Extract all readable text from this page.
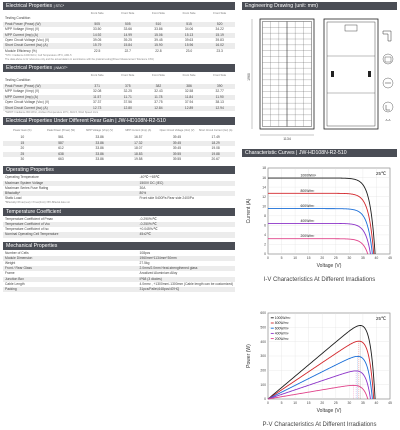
Electrical Properties | STC*
	Front Side	Front Side	Front Side	Front Side	Front Side
Testing Condition					
Peak Power (Pmax) (W)	505	505	510	515	520
MPP Voltage (Vmp) (V)	33.50	33.66	33.86	34.06	34.22
MPP Current (Imp) (A)	14.92	14.99	15.06	15.13	15.19
Open Circuit Voltage (Voc) (V)	39.05	39.25	39.45	39.63	39.83
Short Circuit Current (Isc) (A)	15.79	15.84	15.90	15.96	16.02
Module Efficiency (%)	22.5	22.7	22.8	23.0	23.3
*STC: Irradiance 1000 W/m², Cell Temperature 25°C, AM1.5
The data above is for reference only and the actual data is in accordance with the pratical testing(Power Measurement Tolerance ±3%)
Electrical Properties | NMOT*
	Front Side	Front Side	Front Side	Front Side	Front Side
Testing Condition					
Peak Power (Pmax) (W)	371	375	382	386	390
MPP Voltage (Vmp) (V)	32.08	32.25	32.43	32.58	32.77
MPP Current (Imp) (A)	11.57	11.71	11.78	11.84	11.90
Open Circuit Voltage (Voc) (V)	37.37	37.56	37.75	37.94	38.13
Short Circuit Current (Isc) (A)	12.73	12.80	12.84	12.89	12.94
*NMOT: Irradiance 800 W/m², Ambient Temperature 20°C, AM1.5, Wind Speed 1m/s
Electrical Properties Under Different Rear Gain | JW-HD108N-R2-510
Power Gain (%)	Peak Power (Pmax) (W)	MPP Voltage (Vmp) (V)	MPP Current (Imp) (A)	Open Circuit Voltage (Voc) (V)	Short Circuit Current (Isc) (A)
10	561	33.86	16.57	39.45	17.49
15	587	33.86	17.32	39.45	18.29
20	612	33.86	18.07	39.45	19.08
25	638	33.86	18.83	39.55	19.88
30	663	33.86	19.58	39.55	20.67
Operating Properties
Operating Temperature	-40℃~+85℃
Maximum System Voltage	1500V DC (IEC)
Maximum Series Fuse Rating	30A
Bifaciality*	80%
Static Load	Front side 5400Pa Rear side 2400Pa
*Bifaciality=Pmax(rear) / Pmax(front) ±5% Bifacial data not
Temperature Coefficient
Temperature Coefficient of Pmax	-0.290%/℃
Temperature Coefficient of Voc	-0.250%/℃
Temperature Coefficient of Isc	+0.045%/℃
Nominal Operating Cell Temperature	45±2℃
Mechanical Properties
Number of Cells	108pcs
Module Dimension	1960mm*1134mm*30mm
Weight	27.5kg
Front / Rear Glass	2.0mm/2.0mm Heat-strengthened glass
Frame	Anodized Aluminium Alloy
Junction Box	IP68 (3 diodes)
Cable Length	4.0mm² , +1300mm/-1300mm (Cable length can be customized)
Packing	31pcs/Pallet,648pcs/40'HQ
Engineering Drawing (unit: mm)
1960
1134
A-A
Characteristic Curves | JW-HD108N-R2-510
0	5	10	15	20	25	30	35	40	45
0
2
4
6
8
10
12
14
16
18
Voltage (V)
Current (A)
25℃
1000W/m²
800W/m²
600W/m²
400W/m²
200W/m²
I-V Characteristics At Different Irradiations
0	5	10	15	20	25	30	35	40	45
0
100
200
300
400
500
600
Voltage (V)
Power (W)
25℃
1000W/m²
800W/m²
600W/m²
400W/m²
200W/m²
P-V Characteristics At Different Irradiations
